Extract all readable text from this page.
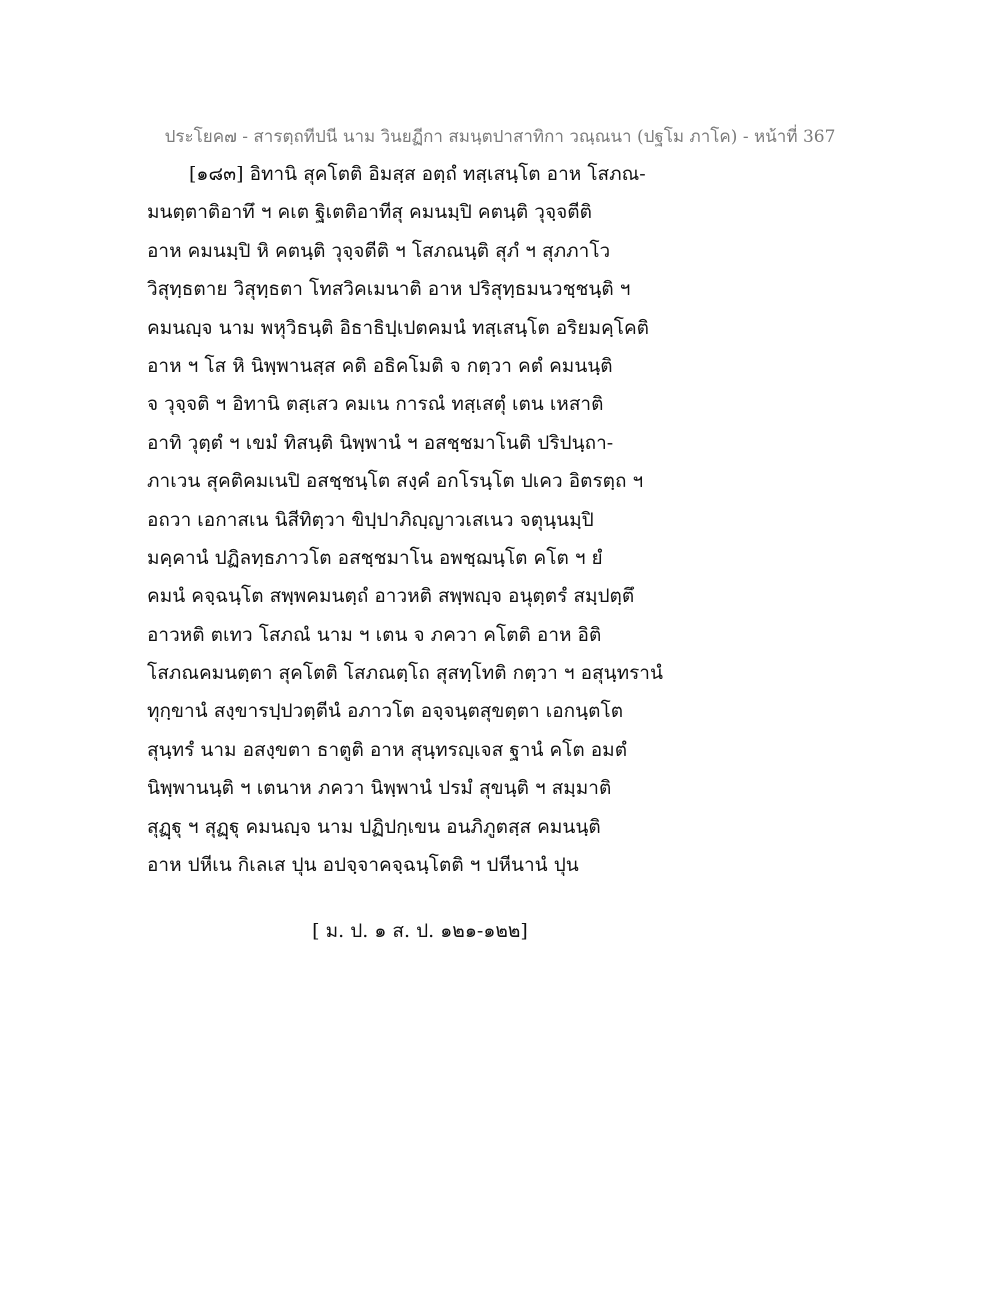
ประโยค๗ - สารตฺถทีปนี นาม วินยฏีกา สมนฺตปาสาทิกา วณฺณนา (ปฐโม ภาโค) - หน้าที่ 367
[๑๘๓] อิทานิ สุคโตติ อิมสฺส อตฺถํ ทสฺเสนฺโต อาห โสภณ-
มนตฺตาติอาทึ ฯ คเต ฐิเตติอาทีสุ คมนมฺปิ คตนฺติ วุจฺจตีติ
อาห คมนมฺปิ หิ คตนฺติ วุจฺจตีติ ฯ โสภณนฺติ สุภํ ฯ สุภภาโว
วิสุทฺธตาย วิสุทฺธตา โทสวิคเมนาติ อาห ปริสุทฺธมนวชฺชนฺติ ฯ
คมนญฺจ นาม พหุวิธนฺติ อิธาธิปฺเปตคมนํ ทสฺเสนฺโต อริยมคฺโคติ
อาห ฯ โส หิ นิพฺพานสฺส คติ อธิคโมติ จ กตฺวา คตํ คมนนฺติ
จ วุจฺจติ ฯ อิทานิ ตสฺเสว คมเน การณํ ทสฺเสตุํ เตน เหสาติ
อาทิ วุตฺตํ ฯ เขมํ ทิสนฺติ นิพฺพานํ ฯ อสชฺชมาโนติ ปริปนฺถา-
ภาเวน สุคติคมเนปิ อสชฺชนฺโต สงฺคํ อกโรนฺโต ปเคว อิตรตฺถ ฯ
อถวา เอกาสเน นิสีทิตฺวา ขิปฺปาภิญฺญาวเสเนว จตุนฺนมฺปิ
มคฺคานํ ปฏิลทฺธภาวโต อสชฺชมาโน อพชฺฌนฺโต คโต ฯ ยํ
คมนํ คจฺฉนฺโต สพฺพคมนตฺถํ อาวหติ สพฺพญฺจ อนุตฺตรํ สมฺปตฺตึ
อาวหติ ตเทว โสภณํ นาม ฯ เตน จ ภควา คโตติ อาห อิติ
โสภณคมนตฺตา สุคโตติ โสภณตฺโถ สุสทฺโทติ กตฺวา ฯ อสุนฺทรานํ
ทุกฺขานํ สงฺขารปฺปวตฺตีนํ อภาวโต อจฺจนฺตสุขตฺตา เอกนฺตโต
สุนฺทรํ นาม อสงฺขตา ธาตูติ อาห สุนฺทรญฺเจส ฐานํ คโต อมตํ
นิพฺพานนฺติ ฯ เตนาห ภควา นิพฺพานํ ปรมํ สุขนฺติ ฯ สมฺมาติ
สุฏฺฐุ ฯ สุฏฺฐุ คมนญฺจ นาม ปฏิปกฺเขน อนภิภูตสฺส คมนนฺติ
อาห ปหีเน กิเลเส ปุน อปจฺจาคจฺฉนฺโตติ ฯ ปหีนานํ ปุน
[ ม. ป. ๑ ส. ป. ๑๒๑-๑๒๒]
